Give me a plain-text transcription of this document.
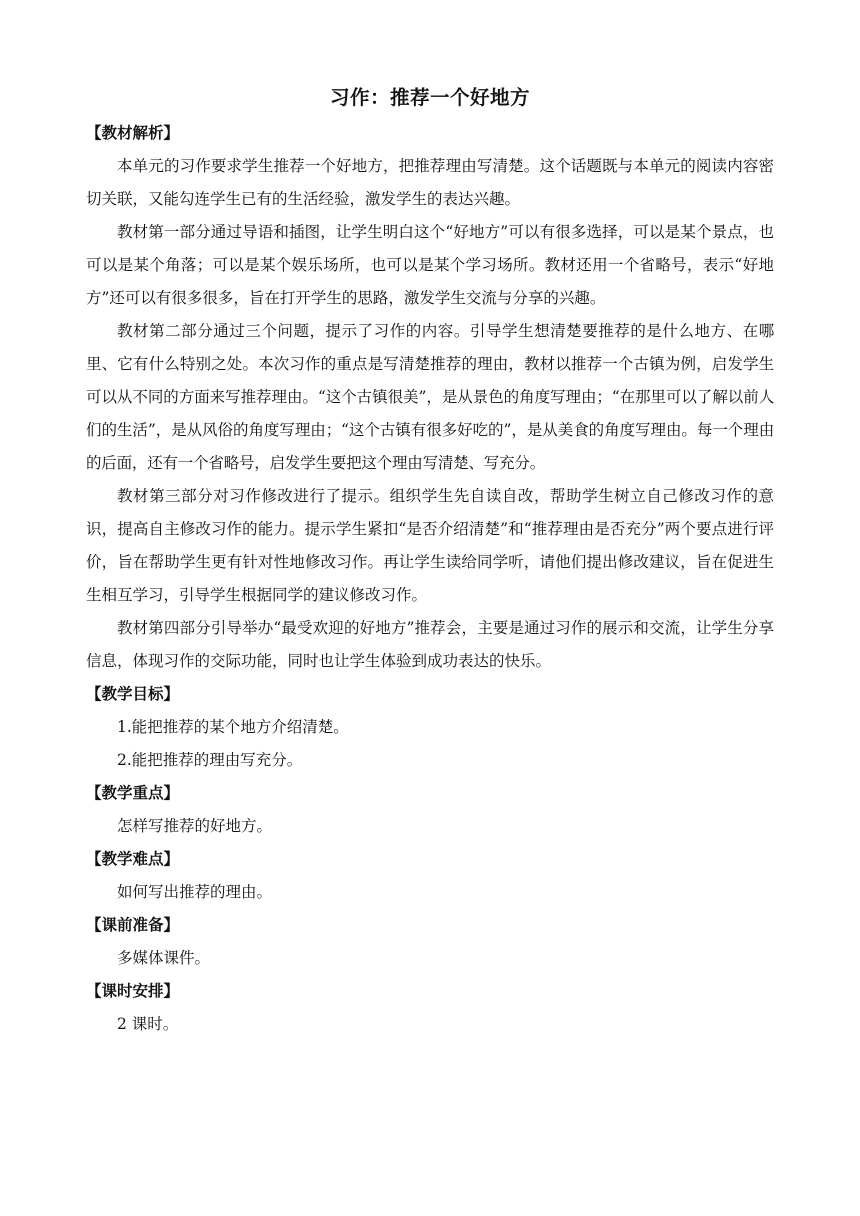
习作：推荐一个好地方
【教材解析】

本单元的习作要求学生推荐一个好地方，把推荐理由写清楚。这个话题既与本单元的阅读内容密切关联，又能勾连学生已有的生活经验，激发学生的表达兴趣。

教材第一部分通过导语和插图，让学生明白这个“好地方”可以有很多选择，可以是某个景点，也可以是某个角落；可以是某个娱乐场所，也可以是某个学习场所。教材还用一个省略号，表示“好地方”还可以有很多很多，旨在打开学生的思路，激发学生交流与分享的兴趣。

教材第二部分通过三个问题，提示了习作的内容。引导学生想清楚要推荐的是什么地方、在哪里、它有什么特别之处。本次习作的重点是写清楚推荐的理由，教材以推荐一个古镇为例，启发学生可以从不同的方面来写推荐理由。“这个古镇很美”，是从景色的角度写理由；“在那里可以了解以前人们的生活”，是从风俗的角度写理由；“这个古镇有很多好吃的”，是从美食的角度写理由。每一个理由的后面，还有一个省略号，启发学生要把这个理由写清楚、写充分。

教材第三部分对习作修改进行了提示。组织学生先自读自改，帮助学生树立自己修改习作的意识，提高自主修改习作的能力。提示学生紧扣“是否介绍清楚”和“推荐理由是否充分”两个要点进行评价，旨在帮助学生更有针对性地修改习作。再让学生读给同学听，请他们提出修改建议，旨在促进生生相互学习，引导学生根据同学的建议修改习作。

教材第四部分引导举办“最受欢迎的好地方”推荐会，主要是通过习作的展示和交流，让学生分享信息，体现习作的交际功能，同时也让学生体验到成功表达的快乐。

【教学目标】

1.能把推荐的某个地方介绍清楚。

2.能把推荐的理由写充分。

【教学重点】

怎样写推荐的好地方。

【教学难点】

如何写出推荐的理由。

【课前准备】

多媒体课件。

【课时安排】

2 课时。
